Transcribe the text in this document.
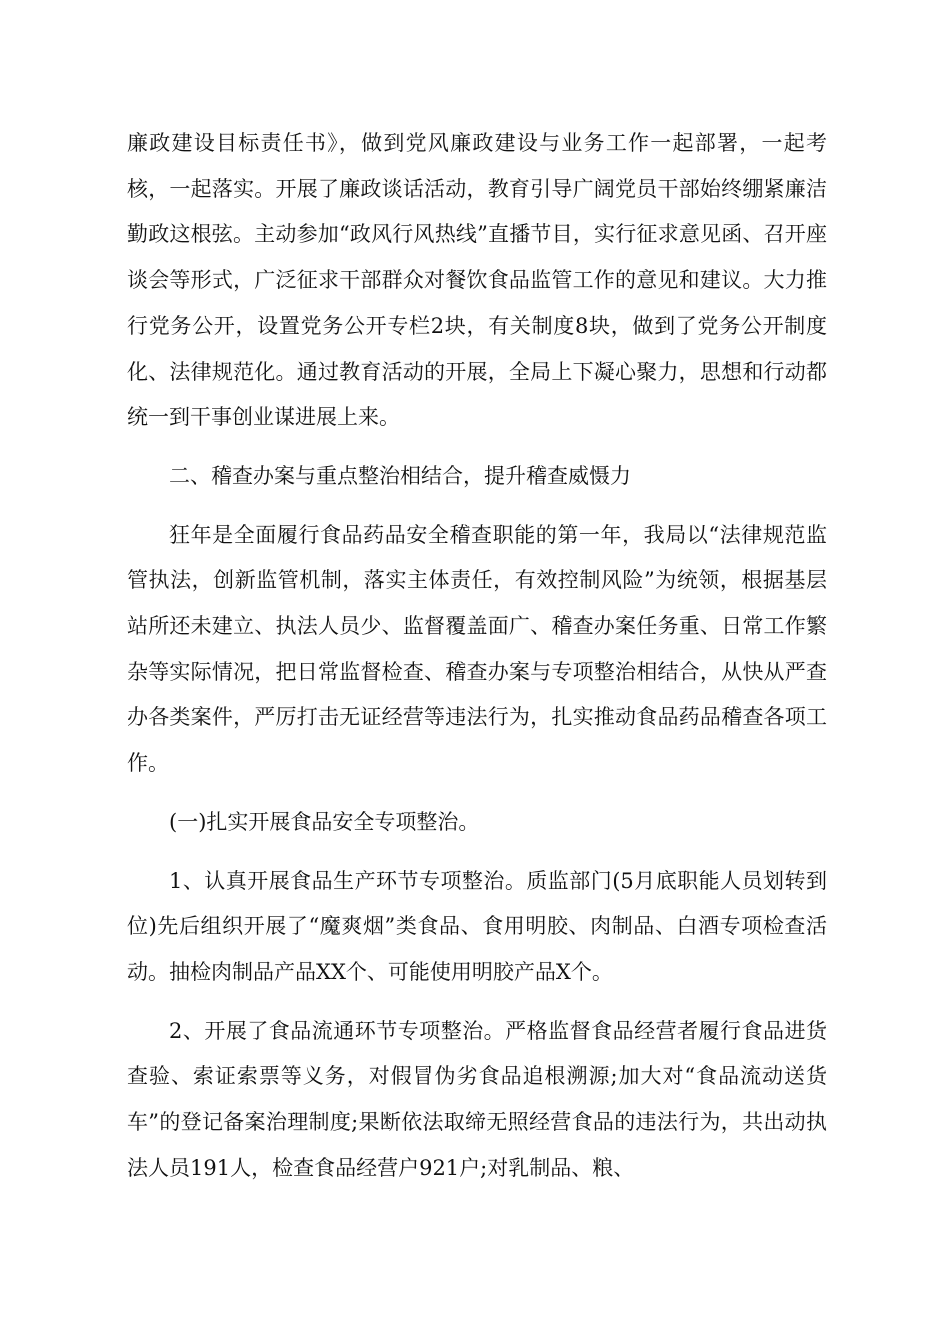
廉政建设目标责任书》，做到党风廉政建设与业务工作一起部署，一起考核，一起落实。开展了廉政谈话活动，教育引导广阔党员干部始终绷紧廉洁勤政这根弦。主动参加“政风行风热线”直播节目，实行征求意见函、召开座谈会等形式，广泛征求干部群众对餐饮食品监管工作的意见和建议。大力推行党务公开，设置党务公开专栏2块，有关制度8块，做到了党务公开制度化、法律规范化。通过教育活动的开展，全局上下凝心聚力，思想和行动都统一到干事创业谋进展上来。

二、稽查办案与重点整治相结合，提升稽查威慑力

狂年是全面履行食品药品安全稽查职能的第一年，我局以“法律规范监管执法，创新监管机制，落实主体责任，有效控制风险”为统领，根据基层站所还未建立、执法人员少、监督覆盖面广、稽查办案任务重、日常工作繁杂等实际情况，把日常监督检查、稽查办案与专项整治相结合，从快从严查办各类案件，严厉打击无证经营等违法行为，扎实推动食品药品稽查各项工作。

(一)扎实开展食品安全专项整治。

1、认真开展食品生产环节专项整治。质监部门(5月底职能人员划转到位)先后组织开展了“魔爽烟”类食品、食用明胶、肉制品、白酒专项检查活动。抽检肉制品产品XX个、可能使用明胶产品X个。

2、开展了食品流通环节专项整治。严格监督食品经营者履行食品进货查验、索证索票等义务，对假冒伪劣食品追根溯源;加大对“食品流动送货车”的登记备案治理制度;果断依法取缔无照经营食品的违法行为，共出动执法人员191人，检查食品经营户921户;对乳制品、粮、
